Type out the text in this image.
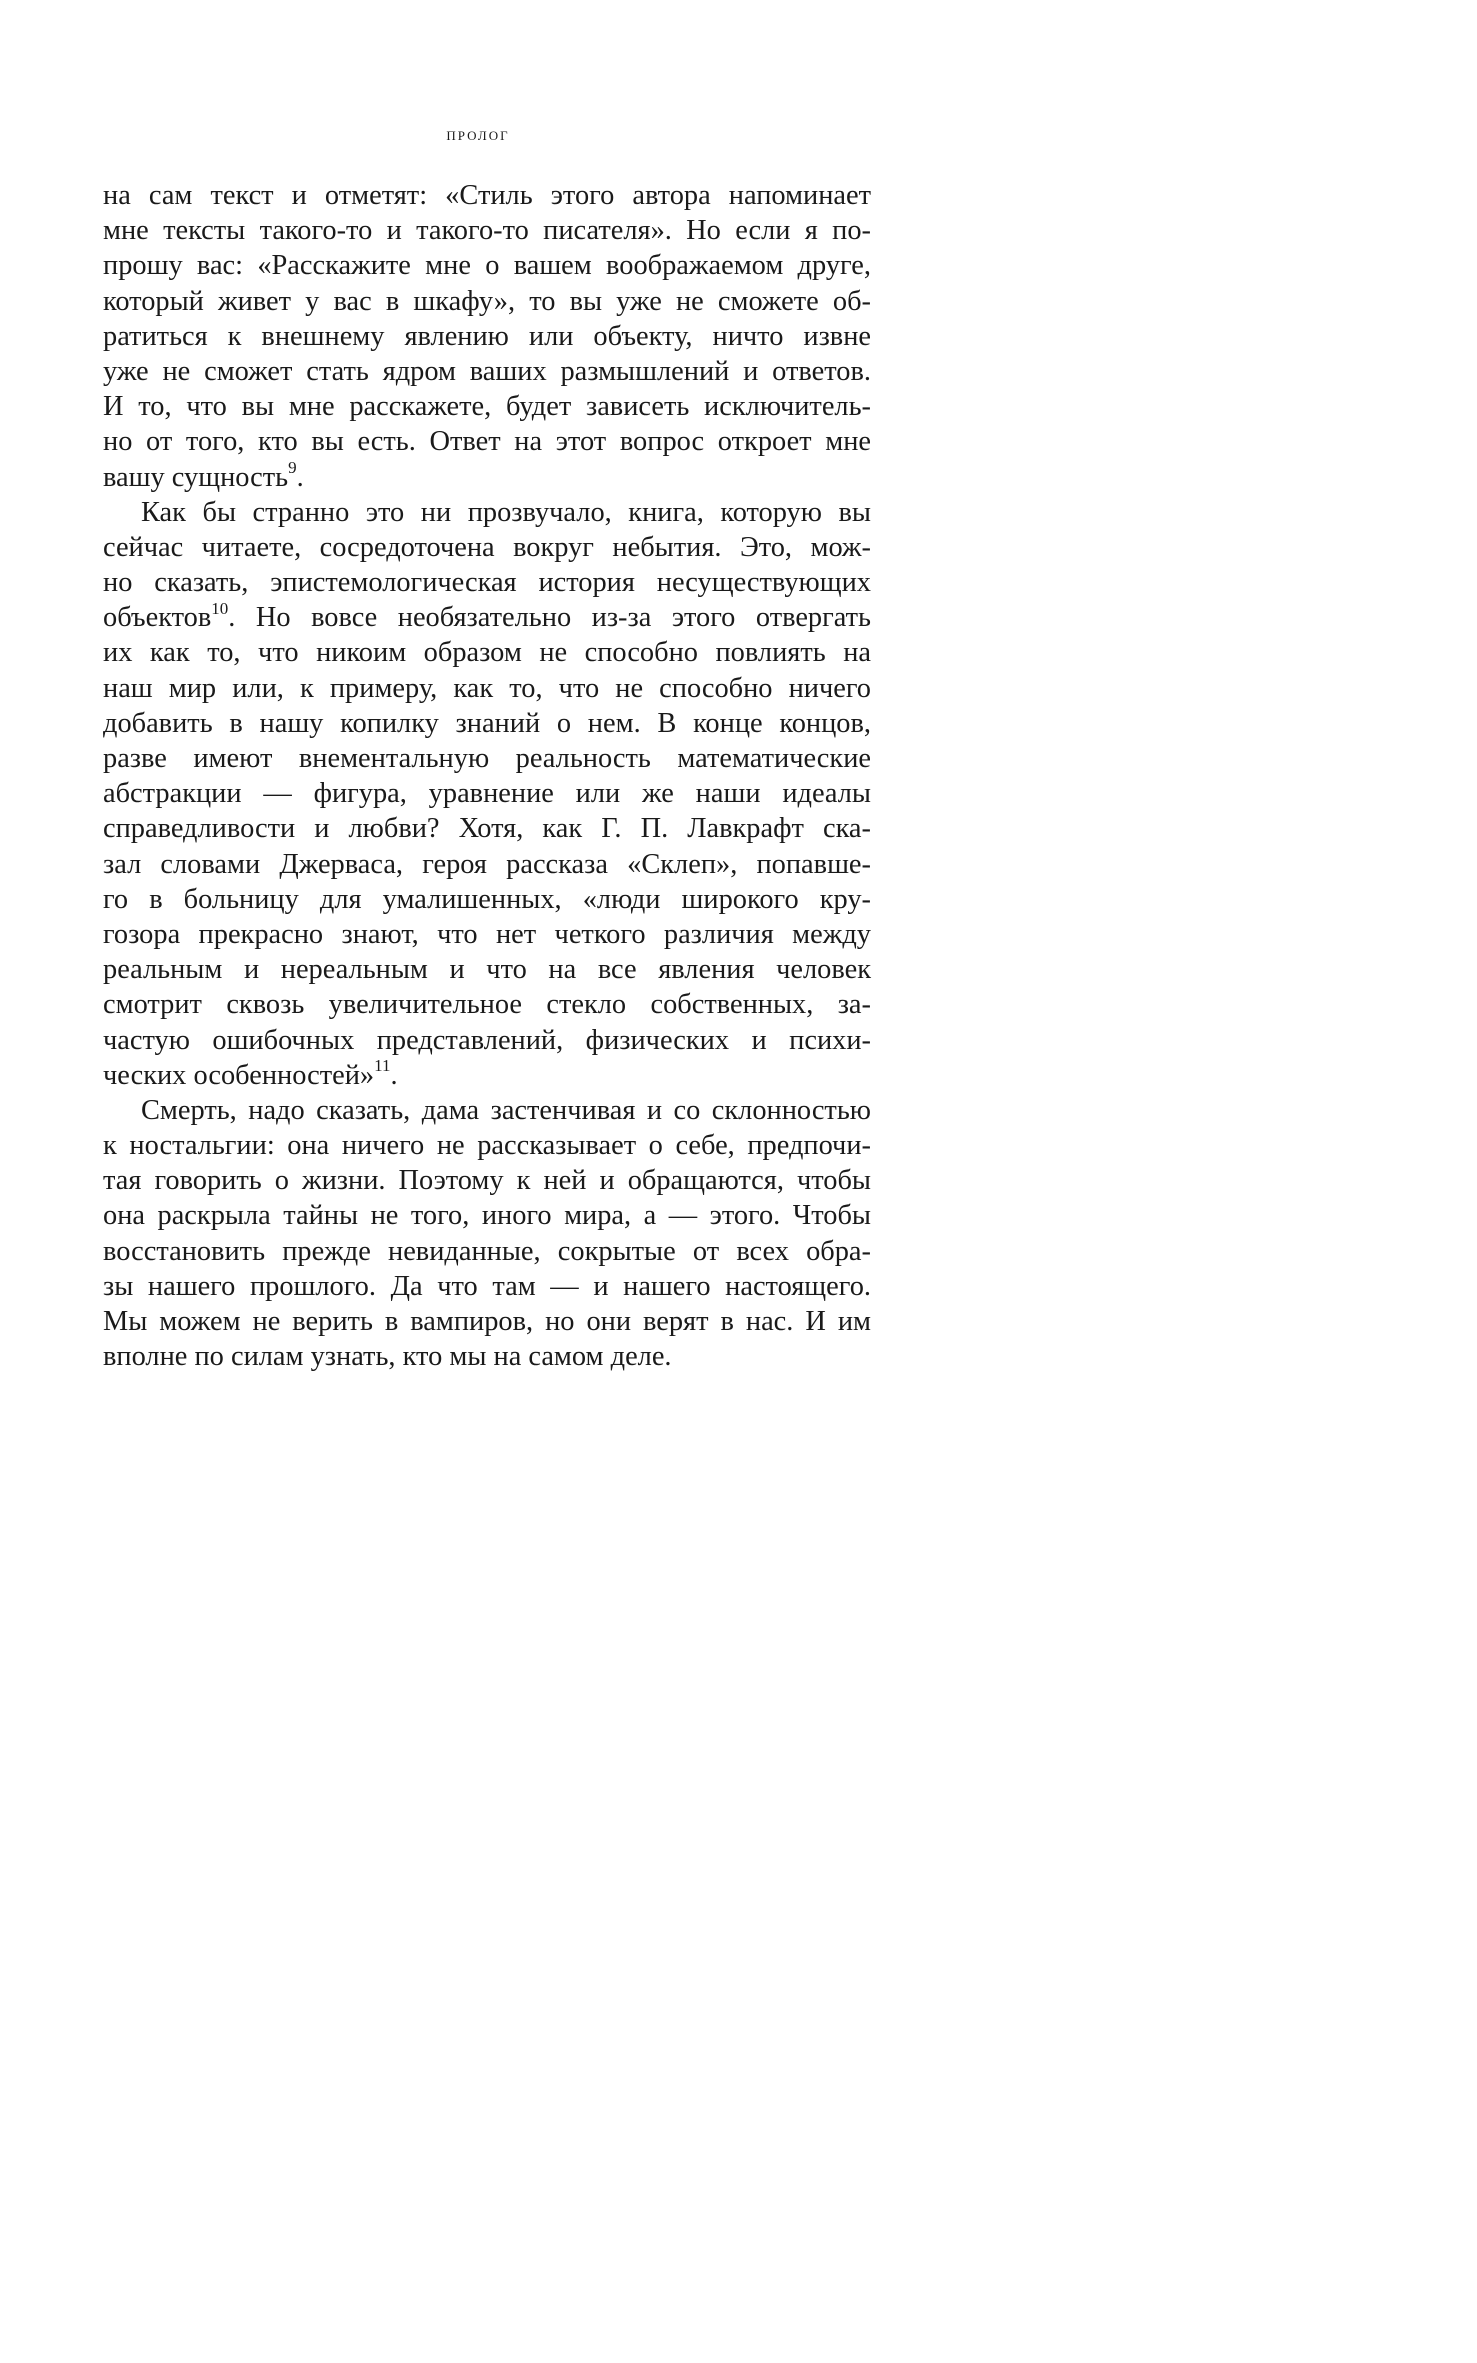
ПРОЛОГ
на сам текст и отметят: «Стиль этого автора напоминает
мне тексты такого-то и такого-то писателя». Но если я по-
прошу вас: «Расскажите мне о вашем воображаемом друге,
который живет у вас в шкафу», то вы уже не сможете об-
ратиться к внешнему явлению или объекту, ничто извне
уже не сможет стать ядром ваших размышлений и ответов.
И то, что вы мне расскажете, будет зависеть исключитель-
но от того, кто вы есть. Ответ на этот вопрос откроет мне
вашу сущность$^9$.
Как бы странно это ни прозвучало, книга, которую вы
сейчас читаете, сосредоточена вокруг небытия. Это, мож-
но сказать, эпистемологическая история несуществующих
объектов$^{10}$. Но вовсе необязательно из-за этого отвергать
их как то, что никоим образом не способно повлиять на
наш мир или, к примеру, как то, что не способно ничего
добавить в нашу копилку знаний о нем. В конце концов,
разве имеют внементальную реальность математические
абстракции — фигура, уравнение или же наши идеалы
справедливости и любви? Хотя, как Г. П. Лавкрафт ска-
зал словами Джерваса, героя рассказа «Склеп», попавше-
го в больницу для умалишенных, «люди широкого кру-
гозора прекрасно знают, что нет четкого различия между
реальным и нереальным и что на все явления человек
смотрит сквозь увеличительное стекло собственных, за-
частую ошибочных представлений, физических и психи-
ческих особенностей»$^{11}$.
Смерть, надо сказать, дама застенчивая и со склонностью
к ностальгии: она ничего не рассказывает о себе, предпочи-
тая говорить о жизни. Поэтому к ней и обращаются, чтобы
она раскрыла тайны не того, иного мира, а — этого. Чтобы
восстановить прежде невиданные, сокрытые от всех обра-
зы нашего прошлого. Да что там — и нашего настоящего.
Мы можем не верить в вампиров, но они верят в нас. И им
вполне по силам узнать, кто мы на самом деле.
